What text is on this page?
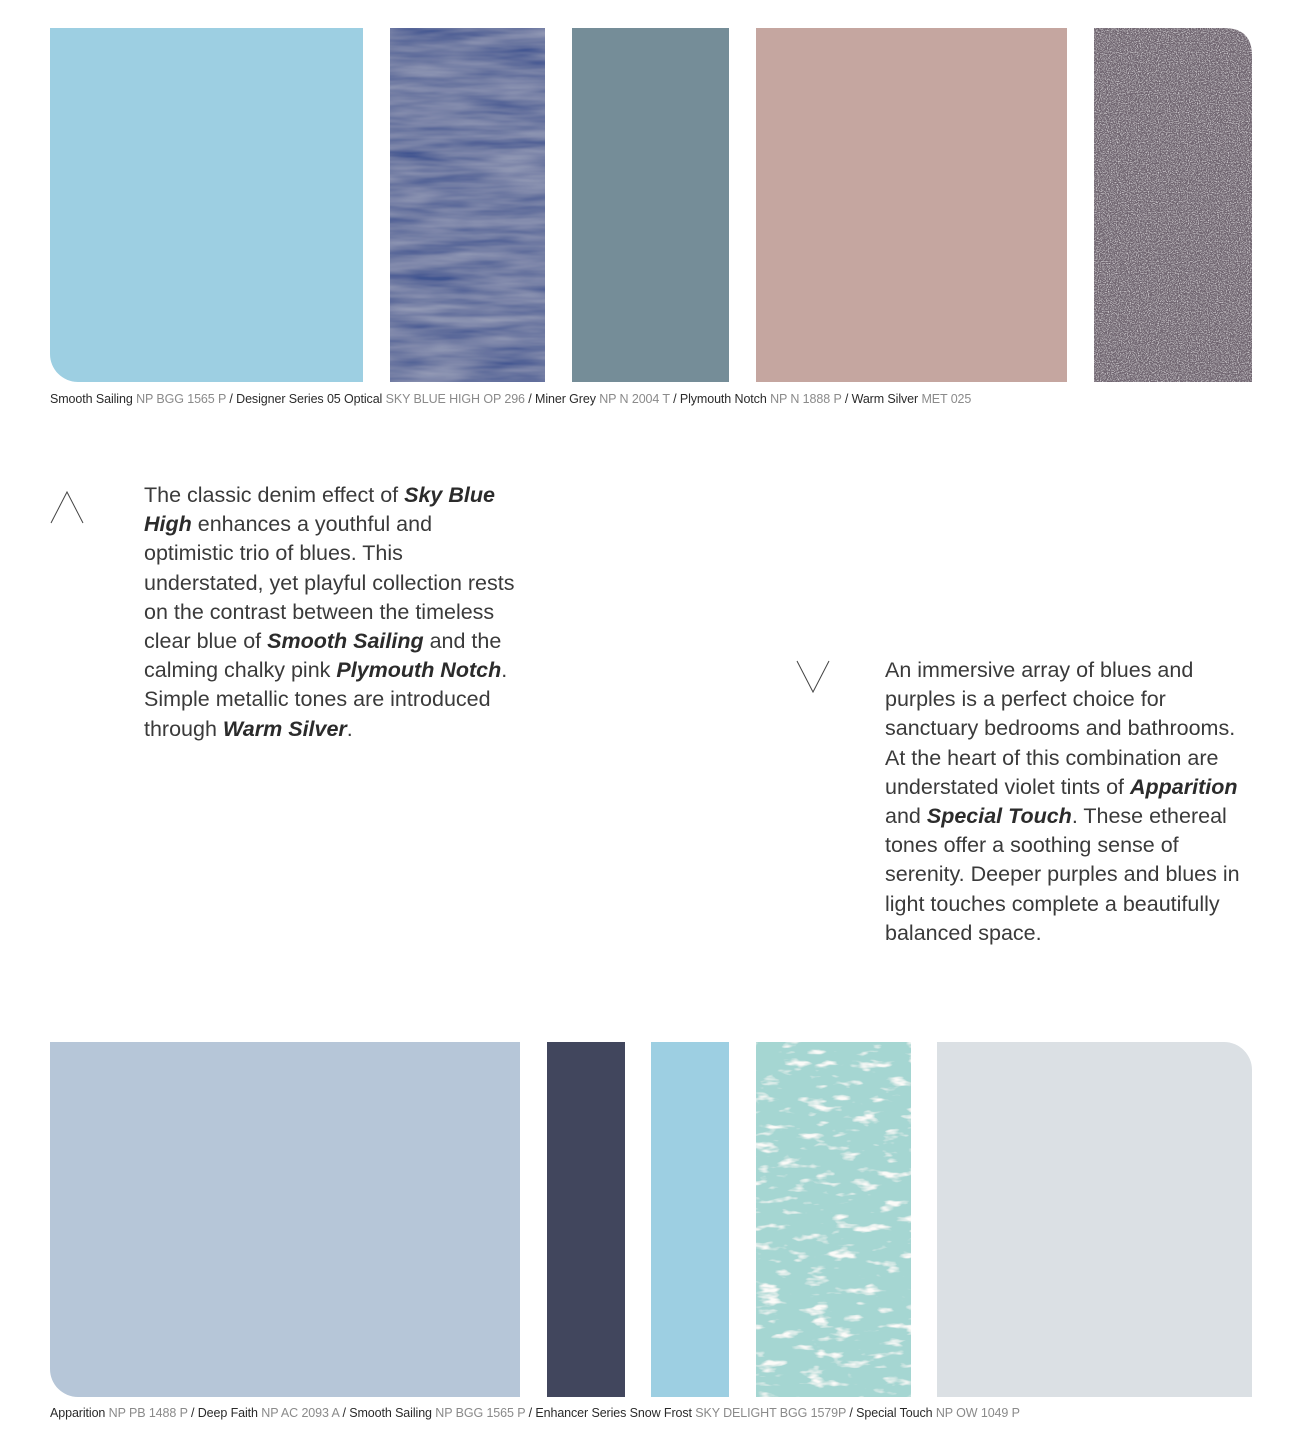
Smooth Sailing NP BGG 1565 P / Designer Series 05 Optical SKY BLUE HIGH OP 296 / Miner Grey NP N 2004 T / Plymouth Notch NP N 1888 P / Warm Silver MET 025
The classic denim effect of Sky Blue High enhances a youthful and optimistic trio of blues. This understated, yet playful collection rests on the contrast between the timeless clear blue of Smooth Sailing and the calming chalky pink Plymouth Notch. Simple metallic tones are introduced through Warm Silver.
An immersive array of blues and purples is a perfect choice for sanctuary bedrooms and bathrooms. At the heart of this combination are understated violet tints of Apparition and Special Touch. These ethereal tones offer a soothing sense of serenity. Deeper purples and blues in light touches complete a beautifully balanced space.
Apparition NP PB 1488 P / Deep Faith NP AC 2093 A / Smooth Sailing NP BGG 1565 P / Enhancer Series Snow Frost SKY DELIGHT BGG 1579P / Special Touch NP OW 1049 P
